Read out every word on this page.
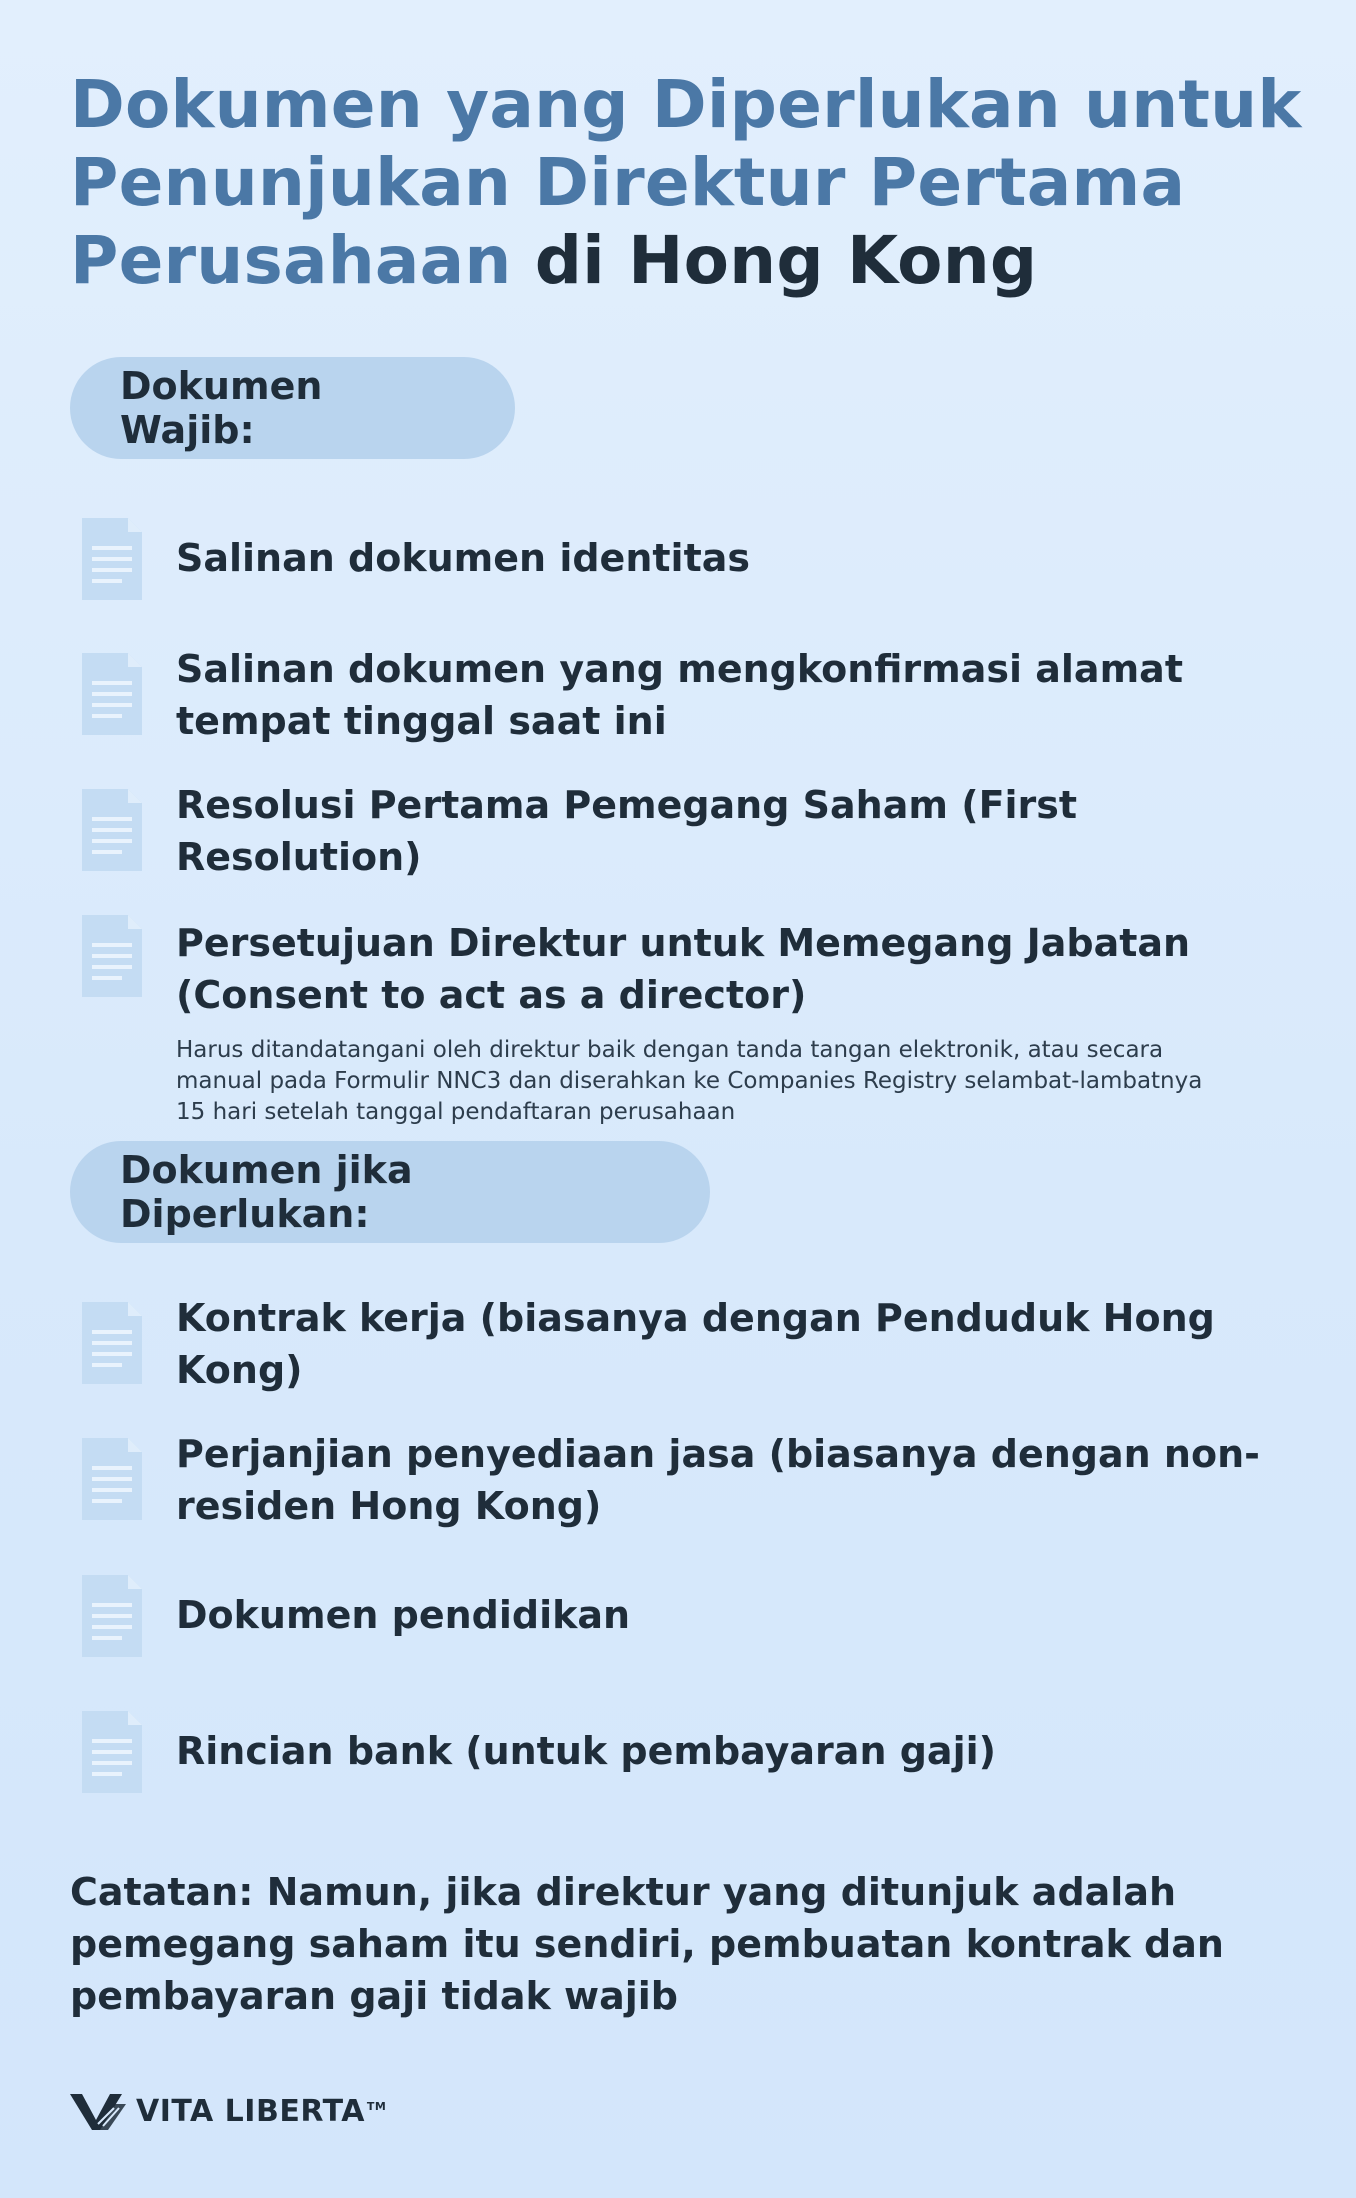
Dokumen yang Diperlukan untuk Penunjukan Direktur Pertama Perusahaan di Hong Kong
Dokumen Wajib:
Salinan dokumen identitas
Salinan dokumen yang mengkonfirmasi alamat tempat tinggal saat ini
Resolusi Pertama Pemegang Saham (First Resolution)
Persetujuan Direktur untuk Memegang Jabatan (Consent to act as a director)
Harus ditandatangani oleh direktur baik dengan tanda tangan elektronik, atau secara manual pada Formulir NNC3 dan diserahkan ke Companies Registry selambat-lambatnya 15 hari setelah tanggal pendaftaran perusahaan
Dokumen jika Diperlukan:
Kontrak kerja (biasanya dengan Penduduk Hong Kong)
Perjanjian penyediaan jasa (biasanya dengan non-residen Hong Kong)
Dokumen pendidikan
Rincian bank (untuk pembayaran gaji)
Catatan: Namun, jika direktur yang ditunjuk adalah pemegang saham itu sendiri, pembuatan kontrak dan pembayaran gaji tidak wajib
VITA LIBERTA ™
